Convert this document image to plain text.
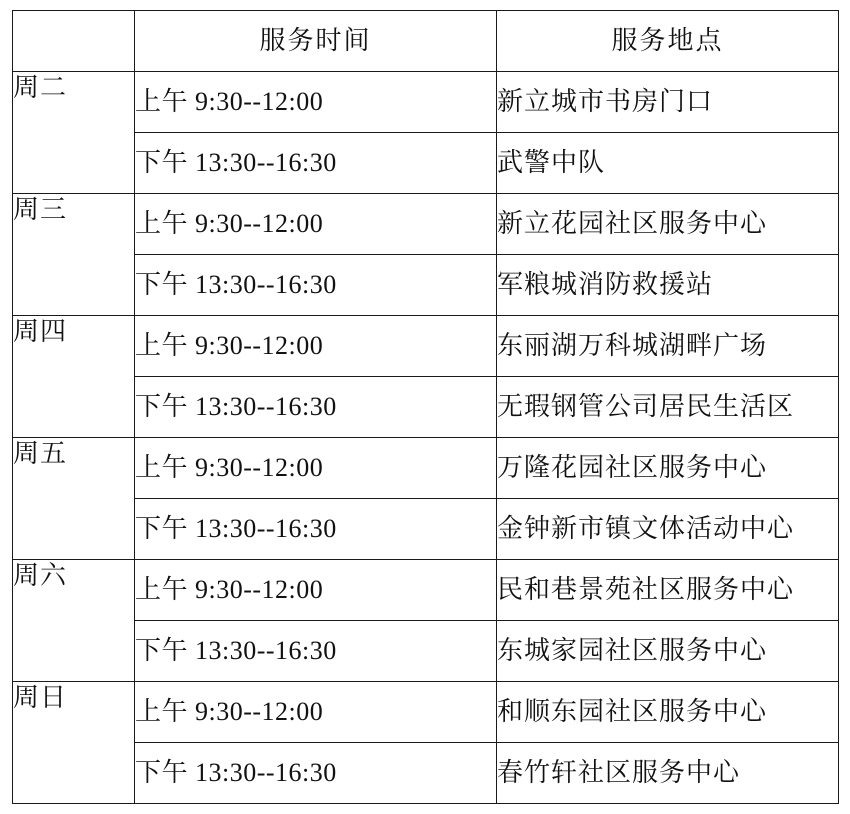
	服务时间	服务地点
周二	上午 9:30--12:00	新立城市书房门口
	下午 13:30--16:30	武警中队
周三	上午 9:30--12:00	新立花园社区服务中心
	下午 13:30--16:30	军粮城消防救援站
周四	上午 9:30--12:00	东丽湖万科城湖畔广场
	下午 13:30--16:30	无瑕钢管公司居民生活区
周五	上午 9:30--12:00	万隆花园社区服务中心
	下午 13:30--16:30	金钟新市镇文体活动中心
周六	上午 9:30--12:00	民和巷景苑社区服务中心
	下午 13:30--16:30	东城家园社区服务中心
周日	上午 9:30--12:00	和顺东园社区服务中心
	下午 13:30--16:30	春竹轩社区服务中心
